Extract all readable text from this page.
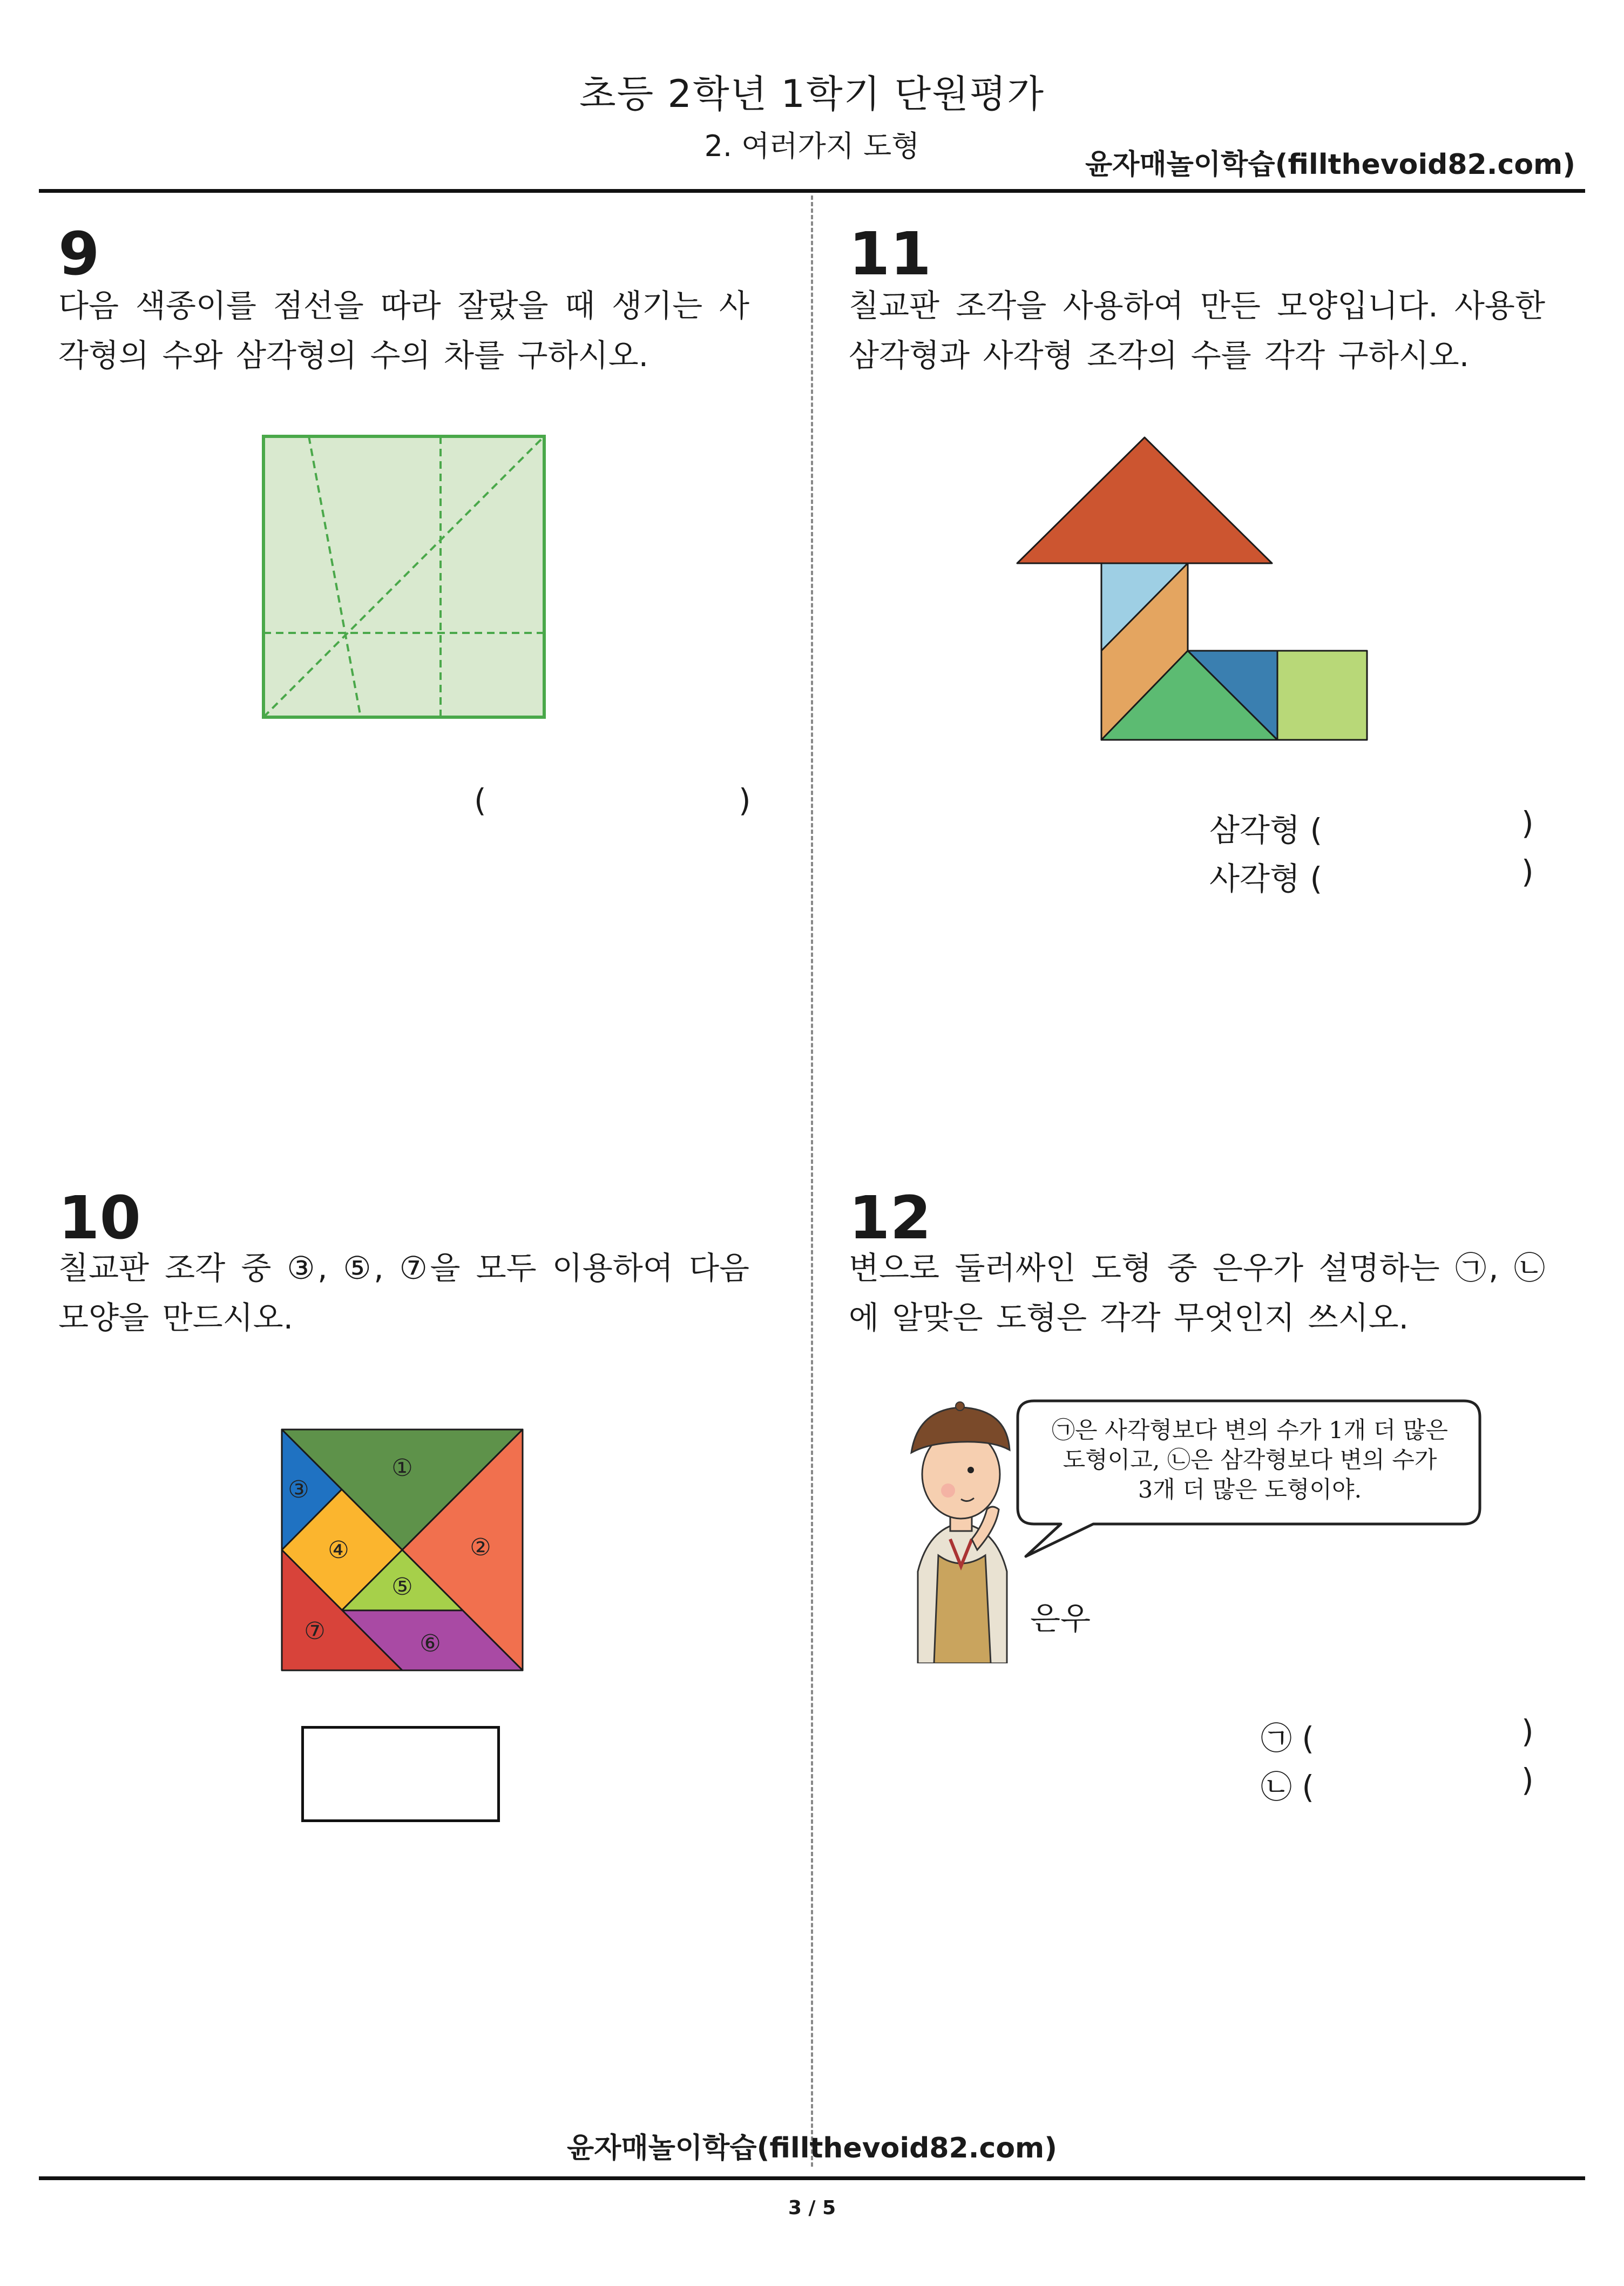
초등 2학년 1학기 단원평가
2. 여러가지 도형
윤자매놀이학습(fillthevoid82.com)
9
다음 색종이를 점선을 따라 잘랐을 때 생기는 사각형의 수와 삼각형의 수의 차를 구하시오.
(	)
11
칠교판 조각을 사용하여 만든 모양입니다. 사용한 삼각형과 사각형 조각의 수를 각각 구하시오.
삼각형 (	)
사각형 (	)
10
칠교판 조각 중 ③, ⑤, ⑦을 모두 이용하여 다음 모양을 만드시오.
①
②
③
④
⑤
⑥
⑦
12
변으로 둘러싸인 도형 중 은우가 설명하는 ㉠, ㉡에 알맞은 도형은 각각 무엇인지 쓰시오.
㉠은 사각형보다 변의 수가 1개 더 많은
도형이고, ㉡은 삼각형보다 변의 수가
3개 더 많은 도형이야.
은우
㉠ (	)
㉡ (	)
윤자매놀이학습(fillthevoid82.com)
3 / 5
